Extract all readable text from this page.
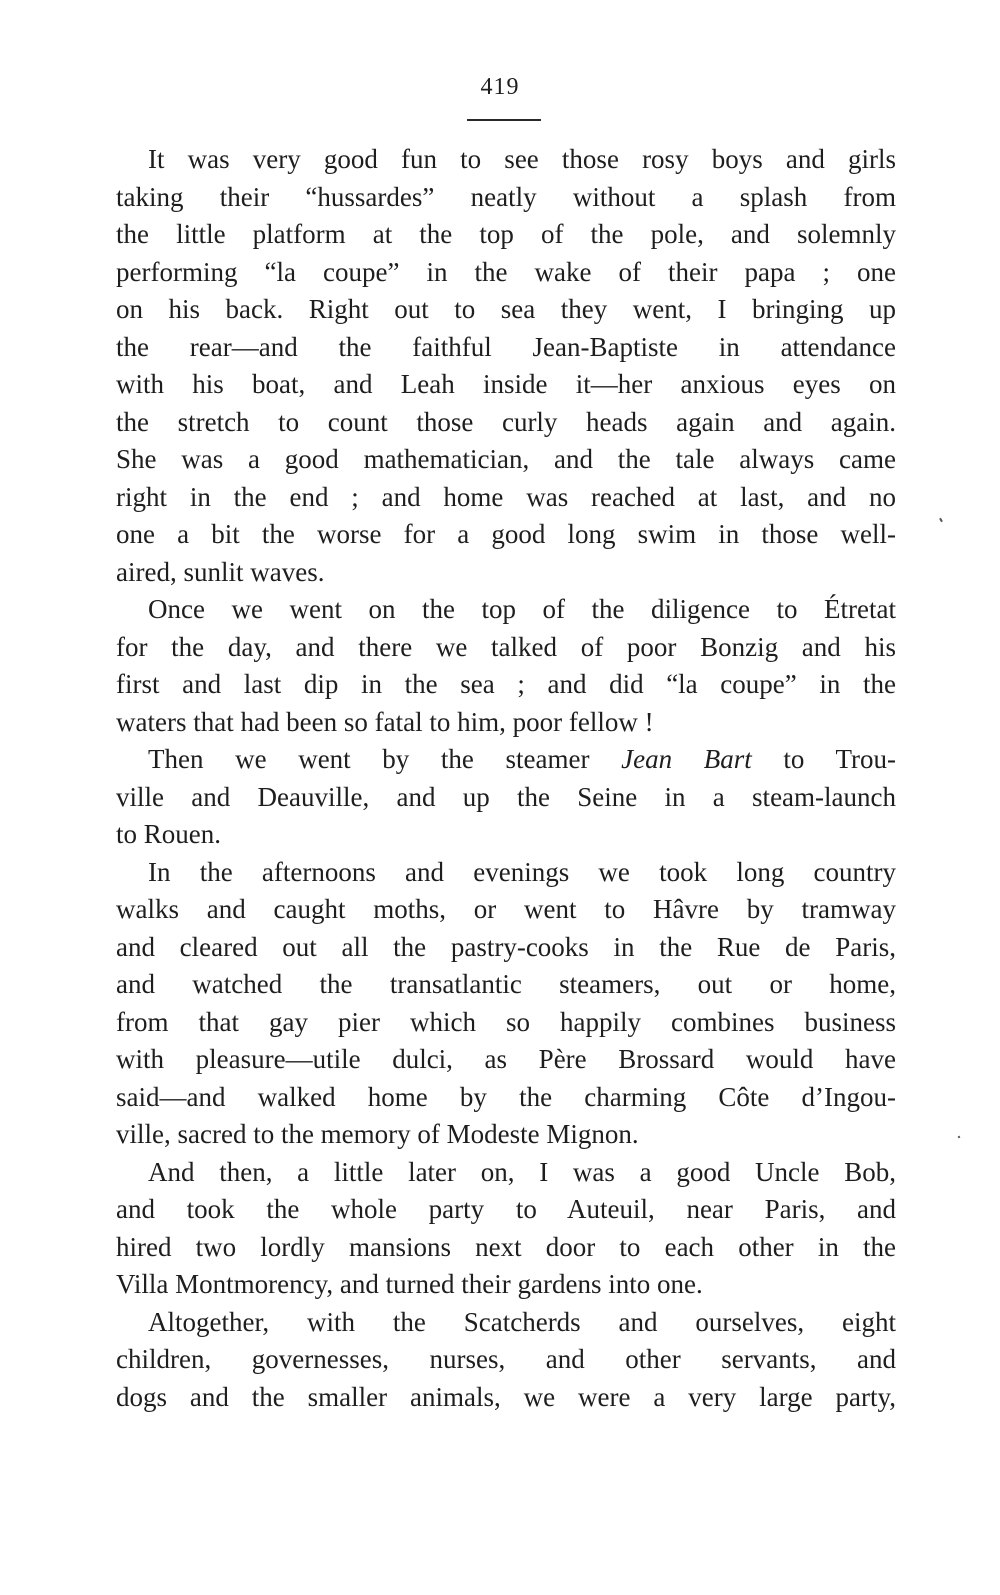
419
It was very good fun to see those rosy boys and girls
taking their “hussardes” neatly without a splash from
the little platform at the top of the pole, and solemnly
performing “la coupe” in the wake of their papa ; one
on his back. Right out to sea they went, I bringing up
the rear—and the faithful Jean-Baptiste in attendance
with his boat, and Leah inside it—her anxious eyes on
the stretch to count those curly heads again and again.
She was a good mathematician, and the tale always came
right in the end ; and home was reached at last, and no
one a bit the worse for a good long swim in those well-
aired, sunlit waves.
Once we went on the top of the diligence to Étretat
for the day, and there we talked of poor Bonzig and his
first and last dip in the sea ; and did “la coupe” in the
waters that had been so fatal to him, poor fellow !
Then we went by the steamer Jean Bart to Trou-
ville and Deauville, and up the Seine in a steam-launch
to Rouen.
In the afternoons and evenings we took long country
walks and caught moths, or went to Hâvre by tramway
and cleared out all the pastry-cooks in the Rue de Paris,
and watched the transatlantic steamers, out or home,
from that gay pier which so happily combines business
with pleasure—utile dulci, as Père Brossard would have
said—and walked home by the charming Côte d’Ingou-
ville, sacred to the memory of Modeste Mignon.
And then, a little later on, I was a good Uncle Bob,
and took the whole party to Auteuil, near Paris, and
hired two lordly mansions next door to each other in the
Villa Montmorency, and turned their gardens into one.
Altogether, with the Scatcherds and ourselves, eight
children, governesses, nurses, and other servants, and
dogs and the smaller animals, we were a very large party,
